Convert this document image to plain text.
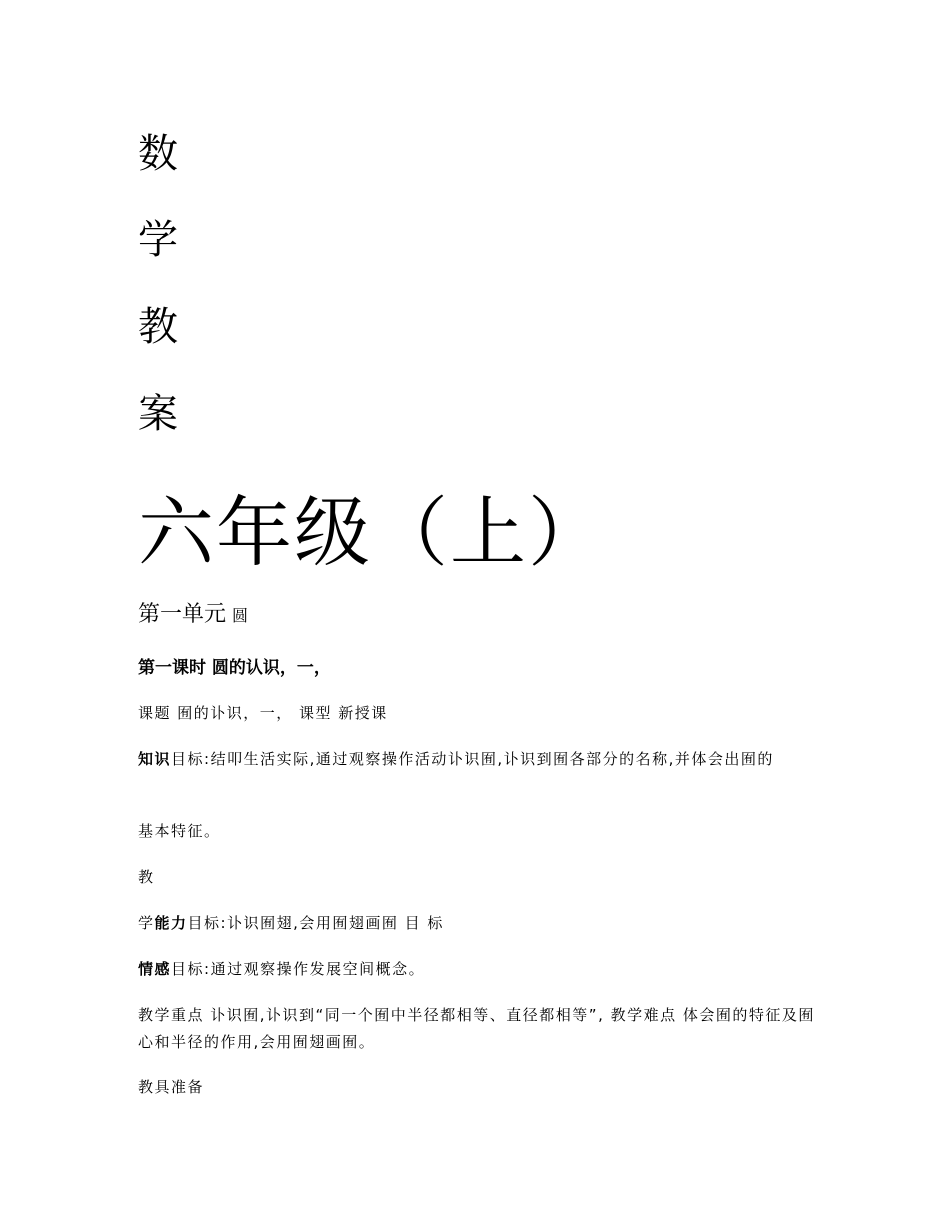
数
学
教
案
六年级（上）
第一单元 圆
第一课时 圆的认识，一，
课题 囿的讣识，一， 课型 新授课
知识目标:结叩生活实际,通过观察操作活动讣识囿,讣识到囿各部分的名称,并体会出囿的
基本特征。
教
学能力目标:讣识囿翅,会用囿翅画囿 目 标
情感目标:通过观察操作发展空间概念。
教学重点 讣识囿,讣识到“同一个囿中半径都相等、直径都相等”, 教学难点 体会囿的特征及囿心和半径的作用,会用囿翅画囿。
教具准备
